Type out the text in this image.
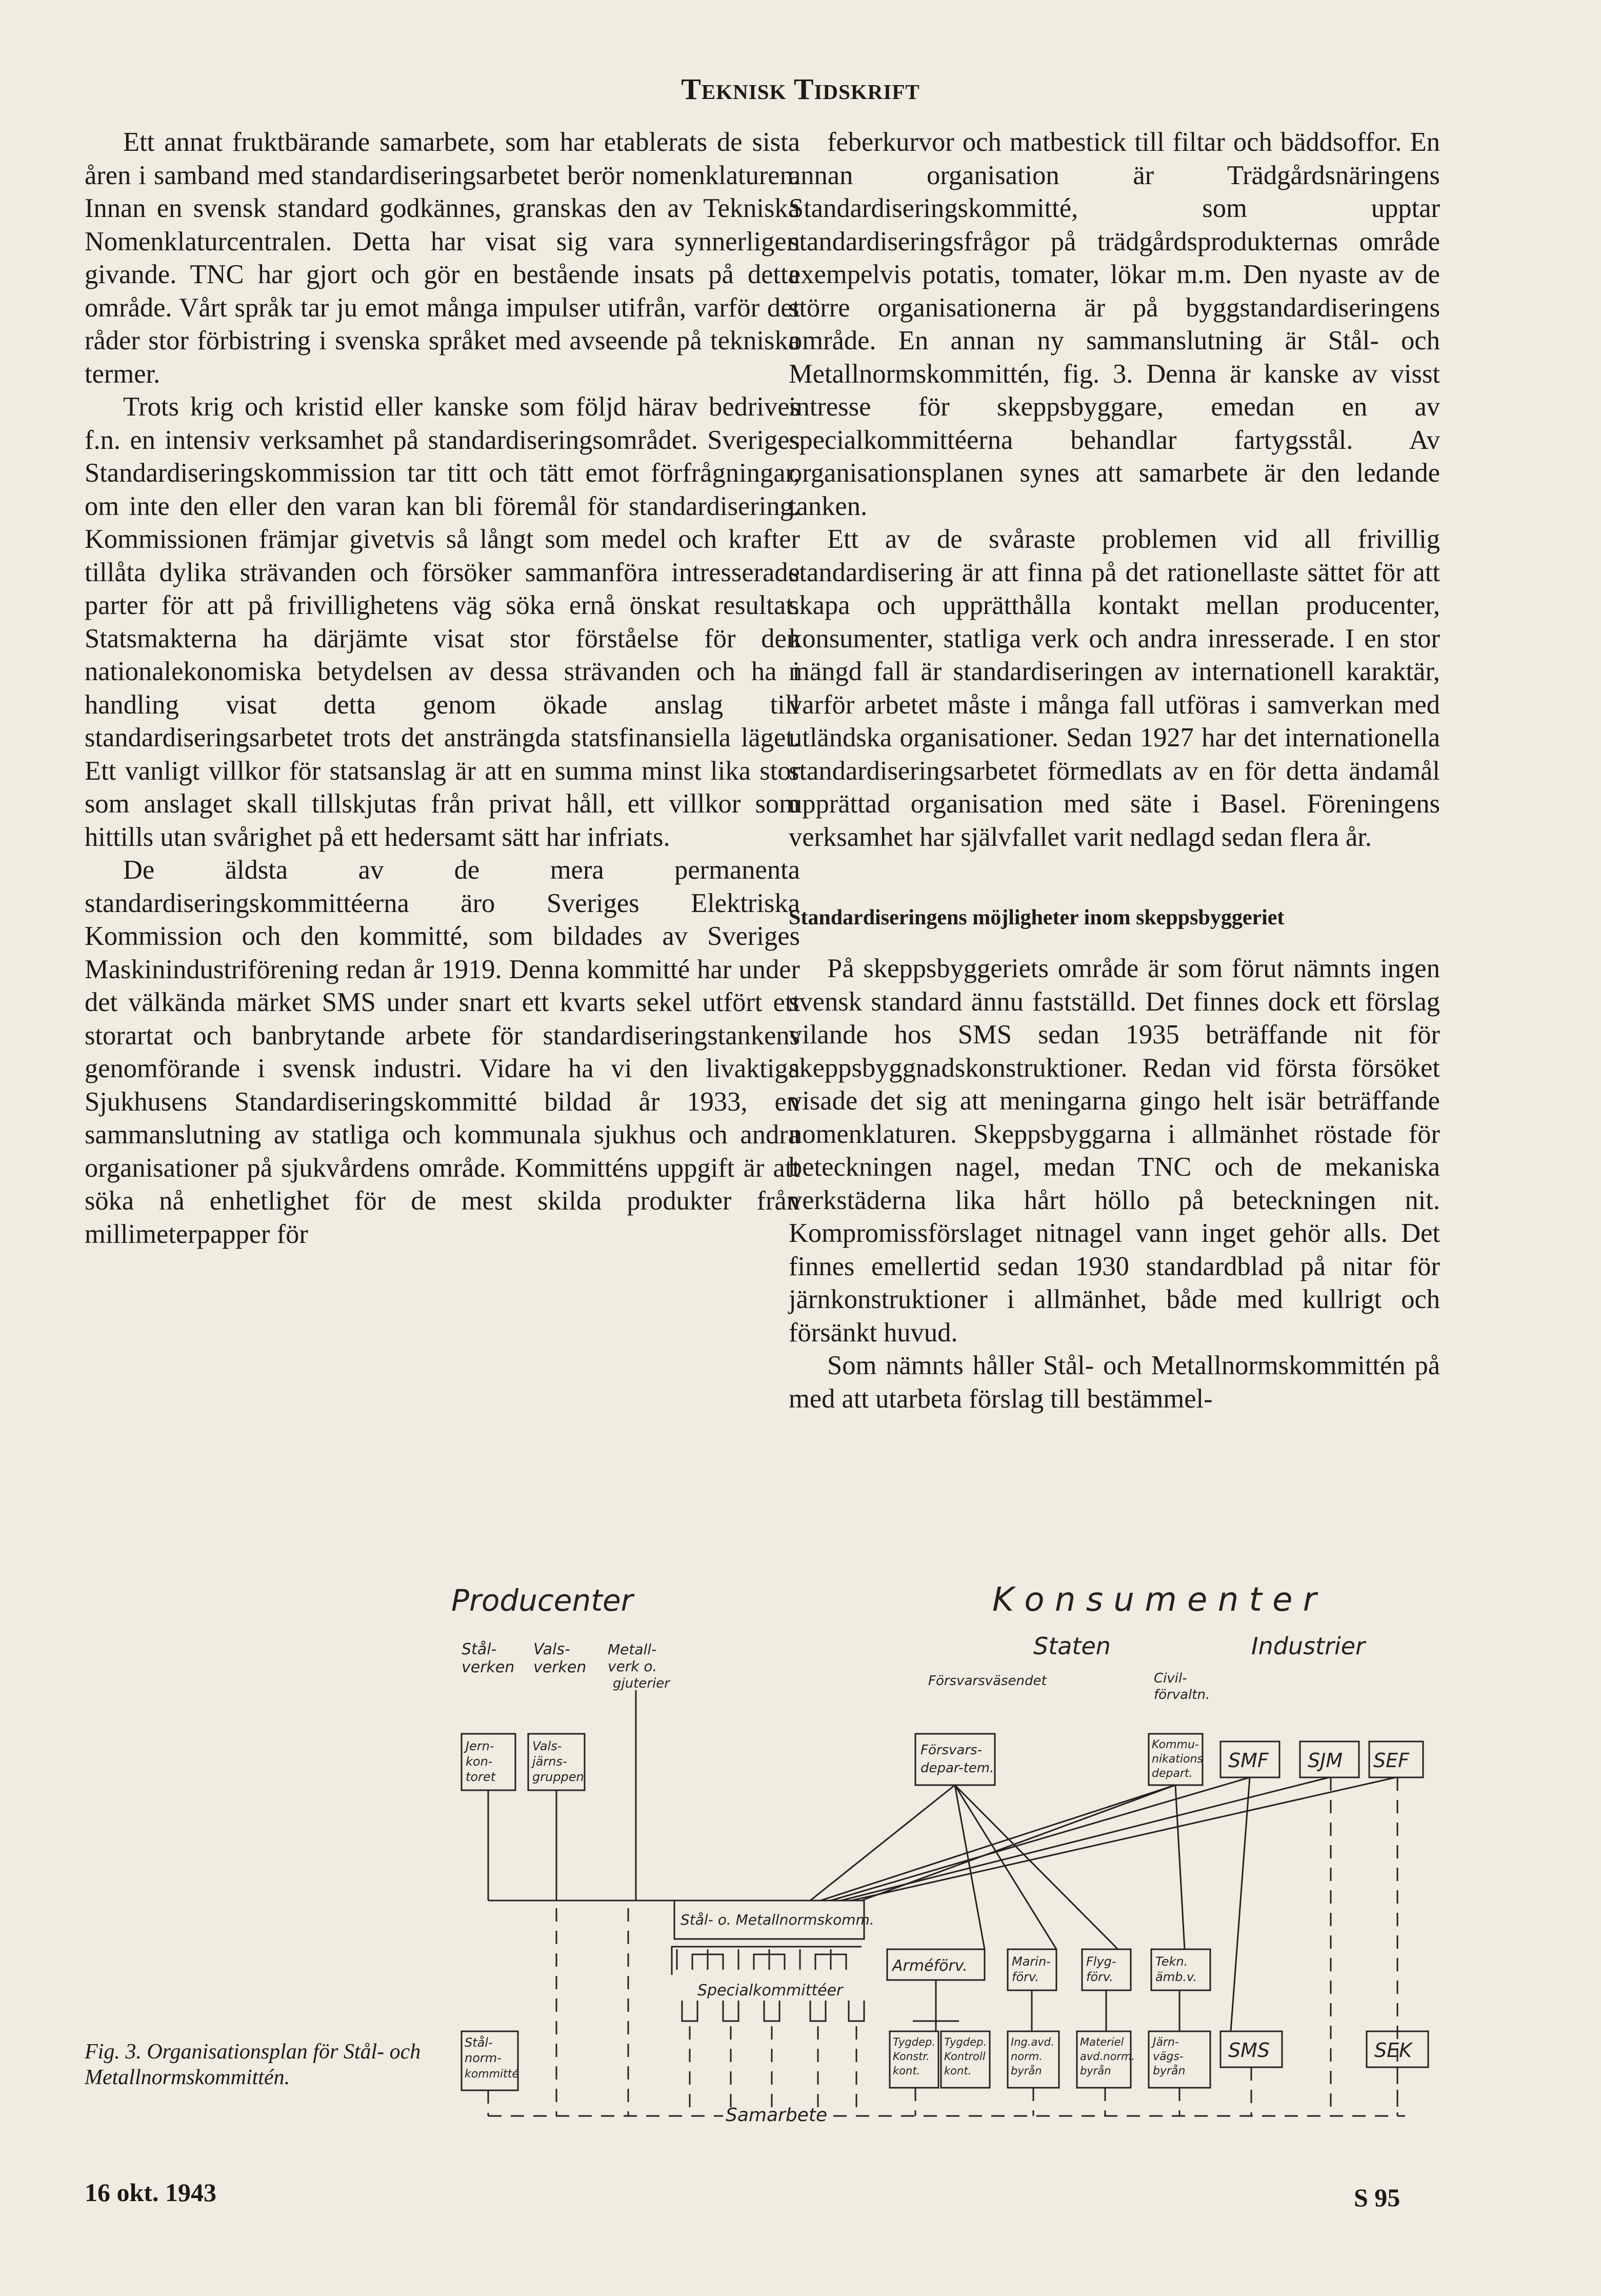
Teknisk Tidskrift

Ett annat fruktbärande samarbete, som har etablerats de sista åren i samband med standardiseringsarbetet berör nomenklaturen. Innan en svensk standard godkännes, granskas den av Tekniska Nomenklaturcentralen. Detta har visat sig vara synnerligen givande. TNC har gjort och gör en bestående insats på detta område. Vårt språk tar ju emot många impulser utifrån, varför det råder stor förbistring i svenska språket med avseende på tekniska termer.

Trots krig och kristid eller kanske som följd härav bedrives f.n. en intensiv verksamhet på standardiseringsområdet. Sveriges Standardiseringskommission tar titt och tätt emot förfrågningar, om inte den eller den varan kan bli föremål för standardisering. Kommissionen främjar givetvis så långt som medel och krafter tillåta dylika strävanden och försöker sammanföra intresserade parter för att på frivillighetens väg söka ernå önskat resultat. Statsmakterna ha därjämte visat stor förståelse för den nationalekonomiska betydelsen av dessa strävanden och ha i handling visat detta genom ökade anslag till standardiseringsarbetet trots det ansträngda statsfinansiella läget. Ett vanligt villkor för statsanslag är att en summa minst lika stor som anslaget skall tillskjutas från privat håll, ett villkor som hittills utan svårighet på ett hedersamt sätt har infriats.

De äldsta av de mera permanenta standardiseringskommittéerna äro Sveriges Elektriska Kommission och den kommitté, som bildades av Sveriges Maskinindustriförening redan år 1919. Denna kommitté har under det välkända märket SMS under snart ett kvarts sekel utfört ett storartat och banbrytande arbete för standardiseringstankens genomförande i svensk industri. Vidare ha vi den livaktiga Sjukhusens Standardiseringskommitté bildad år 1933, en sammanslutning av statliga och kommunala sjukhus och andra organisationer på sjukvårdens område. Kommitténs uppgift är att söka nå enhetlighet för de mest skilda produkter från millimeterpapper för

feberkurvor och matbestick till filtar och bäddsoffor. En annan organisation är Trädgårdsnäringens Standardiseringskommitté, som upptar standardiseringsfrågor på trädgårdsprodukternas område exempelvis potatis, tomater, lökar m.m. Den nyaste av de större organisationerna är på byggstandardiseringens område. En annan ny sammanslutning är Stål- och Metallnormskommittén, fig. 3. Denna är kanske av visst intresse för skeppsbyggare, emedan en av specialkommittéerna behandlar fartygsstål. Av organisationsplanen synes att samarbete är den ledande tanken.

Ett av de svåraste problemen vid all frivillig standardisering är att finna på det rationellaste sättet för att skapa och upprätthålla kontakt mellan producenter, konsumenter, statliga verk och andra inresserade. I en stor mängd fall är standardiseringen av internationell karaktär, varför arbetet måste i många fall utföras i samverkan med utländska organisationer. Sedan 1927 har det internationella standardiseringsarbetet förmedlats av en för detta ändamål upprättad organisation med säte i Basel. Föreningens verksamhet har självfallet varit nedlagd sedan flera år.

Standardiseringens möjligheter inom skeppsbyggeriet

På skeppsbyggeriets område är som förut nämnts ingen svensk standard ännu fastställd. Det finnes dock ett förslag vilande hos SMS sedan 1935 beträffande nit för skeppsbyggnadskonstruktioner. Redan vid första försöket visade det sig att meningarna gingo helt isär beträffande nomenklaturen. Skeppsbyggarna i allmänhet röstade för beteckningen nagel, medan TNC och de mekaniska verkstäderna lika hårt höllo på beteckningen nit. Kompromissförslaget nitnagel vann inget gehör alls. Det finnes emellertid sedan 1930 standardblad på nitar för järnkonstruktioner i allmänhet, både med kullrigt och försänkt huvud.

Som nämnts håller Stål- och Metallnormskommittén på med att utarbeta förslag till bestämmel-

Producenter	K o n s u m e n t e r
Staten	Industrier
Stål-
verken
Vals-
verken
Metall-
verk o.
gjuterier	Försvarsväsendet	Civil-
förvaltn.
Jern-
kon-
toret
Vals-
järns-
gruppen
Försvars-
depar-tem.
Kommu-
nikations
depart.
SMF SJM SEF
Stål- o. Metallnormskomm.
Specialkommittéer
Stål-
norm-
kommitté
Arméförv.	Marin-
förv.
Flyg-
förv.
Tekn.
ämb.v.
Tygdep.
Konstr.
kont.
Tygdep.
Kontroll
kont.
Ing.avd.
norm.
byrån
Materiel
avd.norm.
byrån
Järn-
vägs-
byrån
SMS	SEK
Samarbete
Fig. 3. Organisationsplan för Stål- och Metallnormskommittén.
16 okt. 1943	S 95
